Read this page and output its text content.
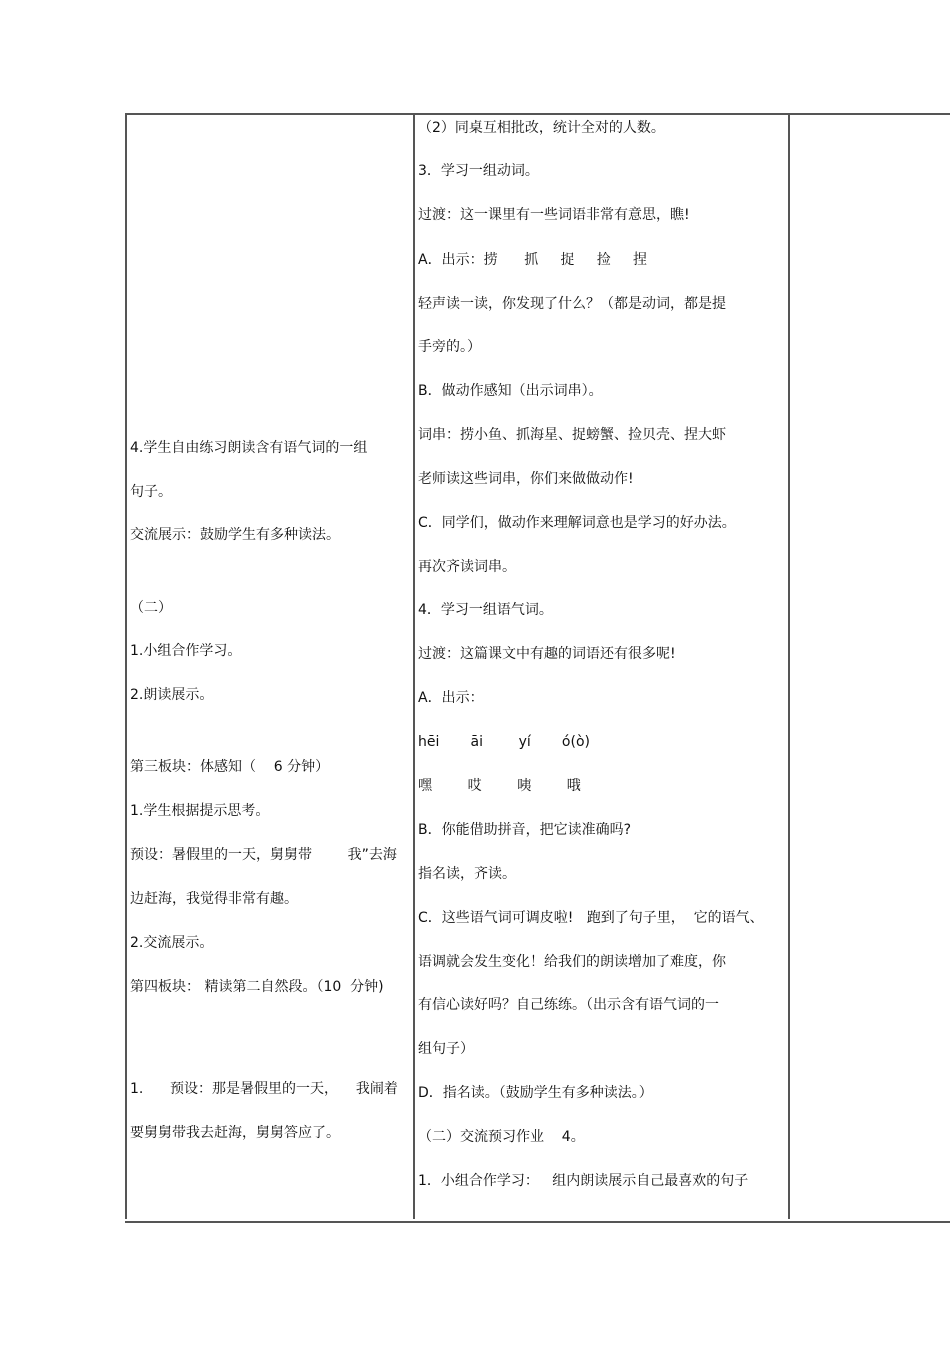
4.学生自由练习朗读含有语气词的一组
句子。
交流展示：鼓励学生有多种读法。
（二）
1.小组合作学习。
2.朗读展示。
第三板块：体感知（    6 分钟）
1.学生根据提示思考。
预设：暑假里的一天，舅舅带        我”去海
边赶海，我觉得非常有趣。
2.交流展示。
第四板块： 精读第二自然段。（10  分钟)
1.      预设：那是暑假里的一天，    我闹着
要舅舅带我去赶海，舅舅答应了。
（2）同桌互相批改，统计全对的人数。
3．学习一组动词。
过渡：这一课里有一些词语非常有意思，瞧!
A．出示：捞      抓     捉     捡     捏
轻声读一读，你发现了什么？（都是动词，都是提
手旁的。）
B．做动作感知（出示词串）。
词串：捞小鱼、抓海星、捉螃蟹、捡贝壳、捏大虾
老师读这些词串，你们来做做动作!
C．同学们，做动作来理解词意也是学习的好办法。
再次齐读词串。
4．学习一组语气词。
过渡：这篇课文中有趣的词语还有很多呢!
A．出示：
hēi       āi        yí       ó(ò)
嘿        哎        咦        哦
B．你能借助拼音，把它读准确吗?
指名读，齐读。
C．这些语气词可调皮啦!   跑到了句子里，  它的语气、
语调就会发生变化！给我们的朗读增加了难度，你
有信心读好吗？自己练练。（出示含有语气词的一
组句子）
D．指名读。（鼓励学生有多种读法。）
（二）交流预习作业    4。
1．小组合作学习：   组内朗读展示自己最喜欢的句子
